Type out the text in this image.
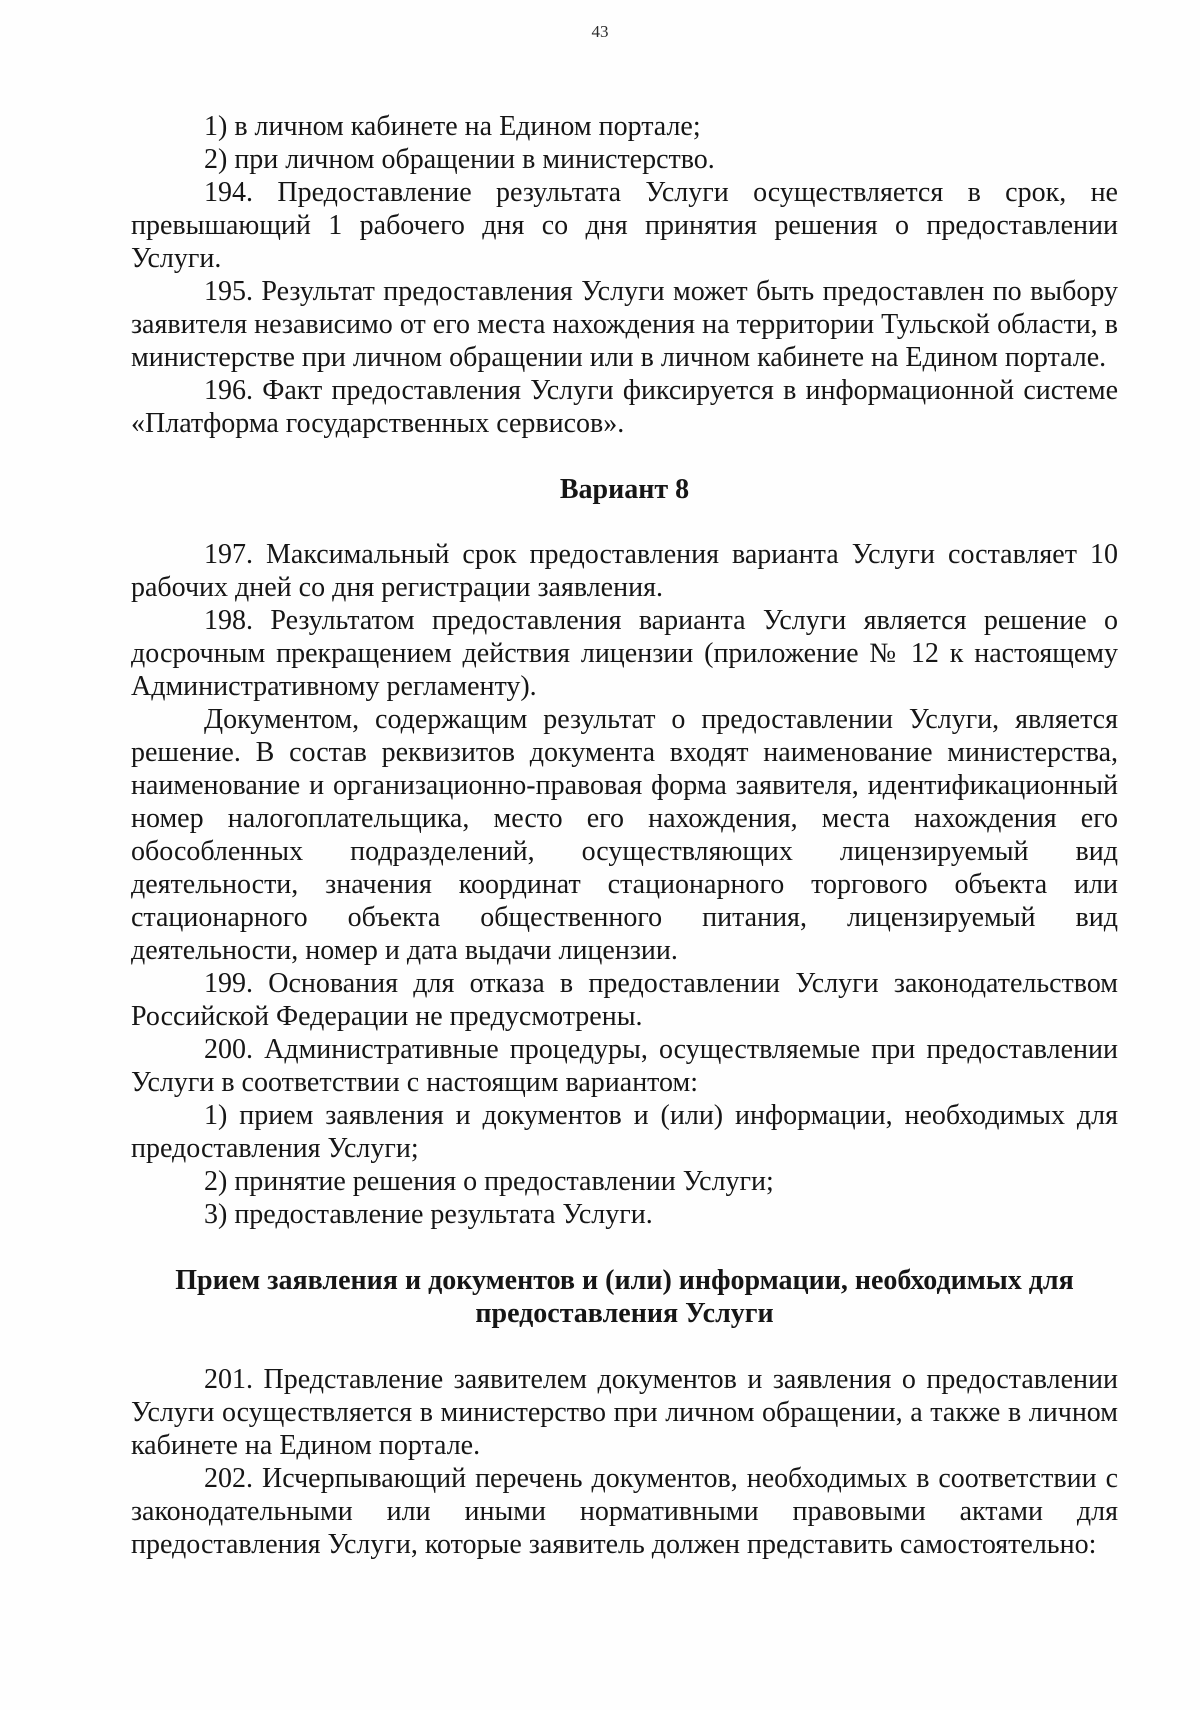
43

1) в личном кабинете на Едином портале;

2) при личном обращении в министерство.

194. Предоставление результата Услуги осуществляется в срок, не превышающий 1 рабочего дня со дня принятия решения о предоставлении Услуги.

195. Результат предоставления Услуги может быть предоставлен по выбору заявителя независимо от его места нахождения на территории Тульской области, в министерстве при личном обращении или в личном кабинете на Едином портале.

196. Факт предоставления Услуги фиксируется в информационной системе «Платформа государственных сервисов».

Вариант 8

197. Максимальный срок предоставления варианта Услуги составляет 10 рабочих дней со дня регистрации заявления.

198. Результатом предоставления варианта Услуги является решение о досрочным прекращением действия лицензии (приложение № 12 к настоящему Административному регламенту).

Документом, содержащим результат о предоставлении Услуги, является решение. В состав реквизитов документа входят наименование министерства, наименование и организационно-правовая форма заявителя, идентификационный номер налогоплательщика, место его нахождения, места нахождения его обособленных подразделений, осуществляющих лицензируемый вид деятельности, значения координат стационарного торгового объекта или стационарного объекта общественного питания, лицензируемый вид деятельности, номер и дата выдачи лицензии.

199. Основания для отказа в предоставлении Услуги законодательством Российской Федерации не предусмотрены.

200. Административные процедуры, осуществляемые при предоставлении Услуги в соответствии с настоящим вариантом:

1) прием заявления и документов и (или) информации, необходимых для предоставления Услуги;

2) принятие решения о предоставлении Услуги;

3) предоставление результата Услуги.

Прием заявления и документов и (или) информации, необходимых для предоставления Услуги

201. Представление заявителем документов и заявления о предоставлении Услуги осуществляется в министерство при личном обращении, а также в личном кабинете на Едином портале.

202. Исчерпывающий перечень документов, необходимых в соответствии с законодательными или иными нормативными правовыми актами для предоставления Услуги, которые заявитель должен представить самостоятельно:
